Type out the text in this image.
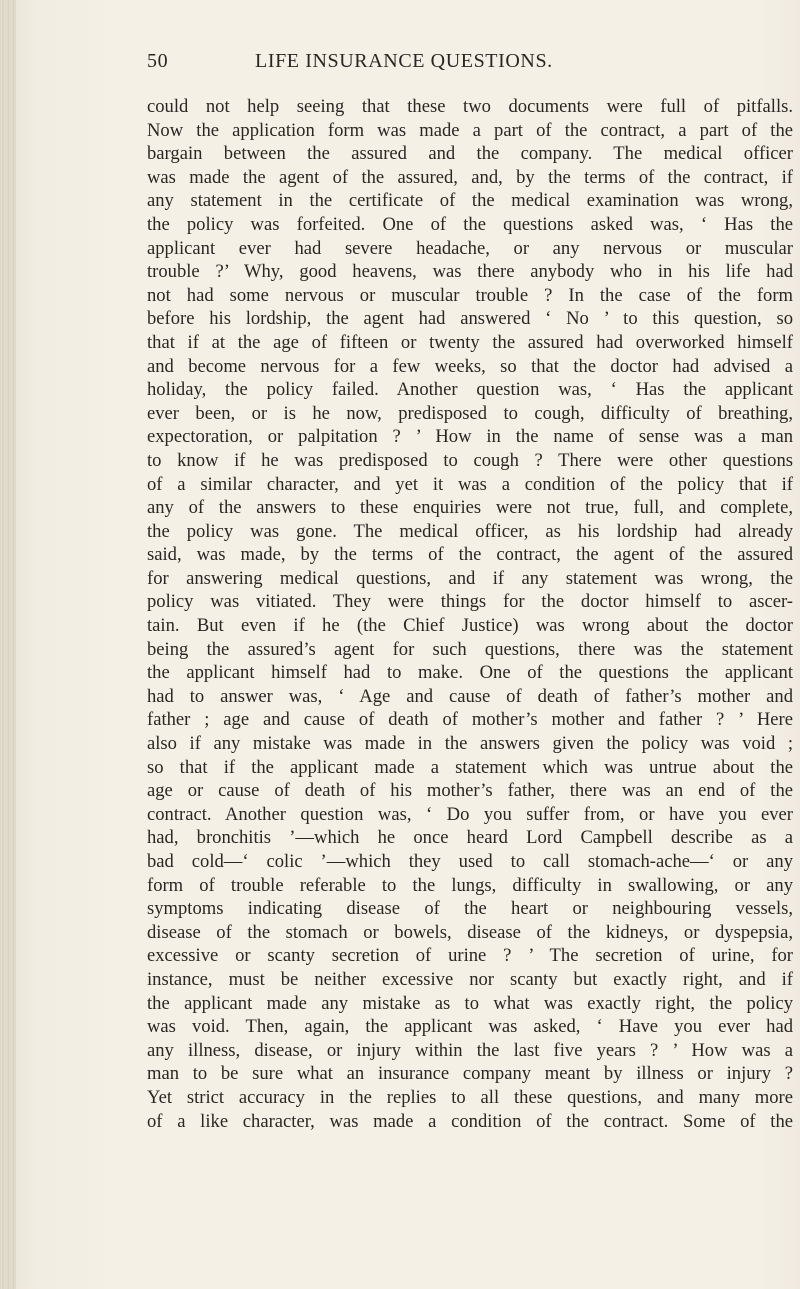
50	LIFE INSURANCE QUESTIONS.
could not help seeing that these two documents were full of pitfalls.
Now the application form was made a part of the contract, a part of the
bargain between the assured and the company. The medical officer
was made the agent of the assured, and, by the terms of the contract, if
any statement in the certificate of the medical examination was wrong,
the policy was forfeited. One of the questions asked was, ‘ Has the
applicant ever had severe headache, or any nervous or muscular
trouble ?’ Why, good heavens, was there anybody who in his life had
not had some nervous or muscular trouble ? In the case of the form
before his lordship, the agent had answered ‘ No ’ to this question, so
that if at the age of fifteen or twenty the assured had overworked himself
and become nervous for a few weeks, so that the doctor had advised a
holiday, the policy failed. Another question was, ‘ Has the applicant
ever been, or is he now, predisposed to cough, difficulty of breathing,
expectoration, or palpitation ? ’ How in the name of sense was a man
to know if he was predisposed to cough ? There were other questions
of a similar character, and yet it was a condition of the policy that if
any of the answers to these enquiries were not true, full, and complete,
the policy was gone. The medical officer, as his lordship had already
said, was made, by the terms of the contract, the agent of the assured
for answering medical questions, and if any statement was wrong, the
policy was vitiated. They were things for the doctor himself to ascer-
tain. But even if he (the Chief Justice) was wrong about the doctor
being the assured’s agent for such questions, there was the statement
the applicant himself had to make. One of the questions the applicant
had to answer was, ‘ Age and cause of death of father’s mother and
father ; age and cause of death of mother’s mother and father ? ’ Here
also if any mistake was made in the answers given the policy was void ;
so that if the applicant made a statement which was untrue about the
age or cause of death of his mother’s father, there was an end of the
contract. Another question was, ‘ Do you suffer from, or have you ever
had, bronchitis ’—which he once heard Lord Campbell describe as a
bad cold—‘ colic ’—which they used to call stomach-ache—‘ or any
form of trouble referable to the lungs, difficulty in swallowing, or any
symptoms indicating disease of the heart or neighbouring vessels,
disease of the stomach or bowels, disease of the kidneys, or dyspepsia,
excessive or scanty secretion of urine ? ’ The secretion of urine, for
instance, must be neither excessive nor scanty but exactly right, and if
the applicant made any mistake as to what was exactly right, the policy
was void. Then, again, the applicant was asked, ‘ Have you ever had
any illness, disease, or injury within the last five years ? ’ How was a
man to be sure what an insurance company meant by illness or injury ?
Yet strict accuracy in the replies to all these questions, and many more
of a like character, was made a condition of the contract. Some of the
